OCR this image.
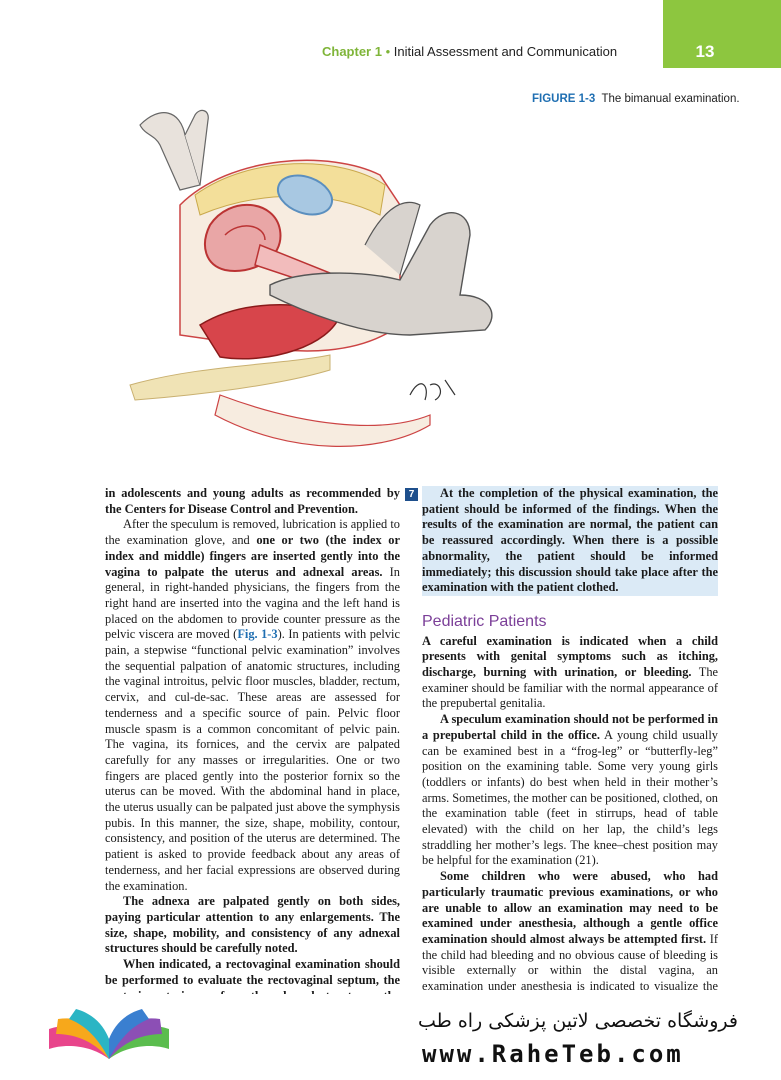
Chapter 1 • Initial Assessment and Communication	13
FIGURE 1-3 The bimanual examination.
7

in adolescents and young adults as recommended by the Centers for Disease Control and Prevention.

After the speculum is removed, lubrication is applied to the examination glove, and one or two (the index or index and middle) fingers are inserted gently into the vagina to palpate the uterus and adnexal areas. In general, in right-handed physicians, the fingers from the right hand are inserted into the vagina and the left hand is placed on the abdomen to provide counter pressure as the pelvic viscera are moved (Fig. 1-3). In patients with pelvic pain, a stepwise “functional pelvic examination” involves the sequential palpation of anatomic structures, including the vaginal introitus, pelvic floor muscles, bladder, rectum, cervix, and cul-de-sac. These areas are assessed for tenderness and a specific source of pain. Pelvic floor muscle spasm is a common concomitant of pelvic pain. The vagina, its fornices, and the cervix are palpated carefully for any masses or irregularities. One or two fingers are placed gently into the posterior fornix so the uterus can be moved. With the abdominal hand in place, the uterus usually can be palpated just above the symphysis pubis. In this manner, the size, shape, mobility, contour, consistency, and position of the uterus are determined. The patient is asked to provide feedback about any areas of tenderness, and her facial expressions are observed during the examination.

The adnexa are palpated gently on both sides, paying particular attention to any enlargements. The size, shape, mobility, and consistency of any adnexal structures should be carefully noted.

When indicated, a rectovaginal examination should be performed to evaluate the rectovaginal septum, the

At the completion of the physical examination, the patient should be informed of the findings. When the results of the examination are normal, the patient can be reassured accordingly. When there is a possible abnormality, the patient should be informed immediately; this discussion should take place after the examination with the patient clothed.

Pediatric Patients

A careful examination is indicated when a child presents with genital symptoms such as itching, discharge, burning with urination, or bleeding. The examiner should be familiar with the normal appearance of the prepubertal genitalia.

A speculum examination should not be performed in a prepubertal child in the office. A young child usually can be examined best in a “frog-leg” or “butterfly-leg” position on the examining table. Some very young girls (toddlers or infants) do best when held in their mother’s arms. Sometimes, the mother can be positioned, clothed, on the examination table (feet in stirrups, head of table elevated) with the child on her lap, the child’s legs straddling her mother’s legs. The knee–chest position may be helpful for the examination (21).

Some children who were abused, who had particularly traumatic previous examinations, or who are unable to allow an examination may need to be examined under anesthesia, although a gentle office examination should almost always be attempted first. If the child had bleeding and no obvious cause of bleeding is visible externally or within the distal vagina, an examination under anesthesia is indicated to visualize the

فروشگاه تخصصی لاتین پزشکی راه طب
www.RaheTeb.com
